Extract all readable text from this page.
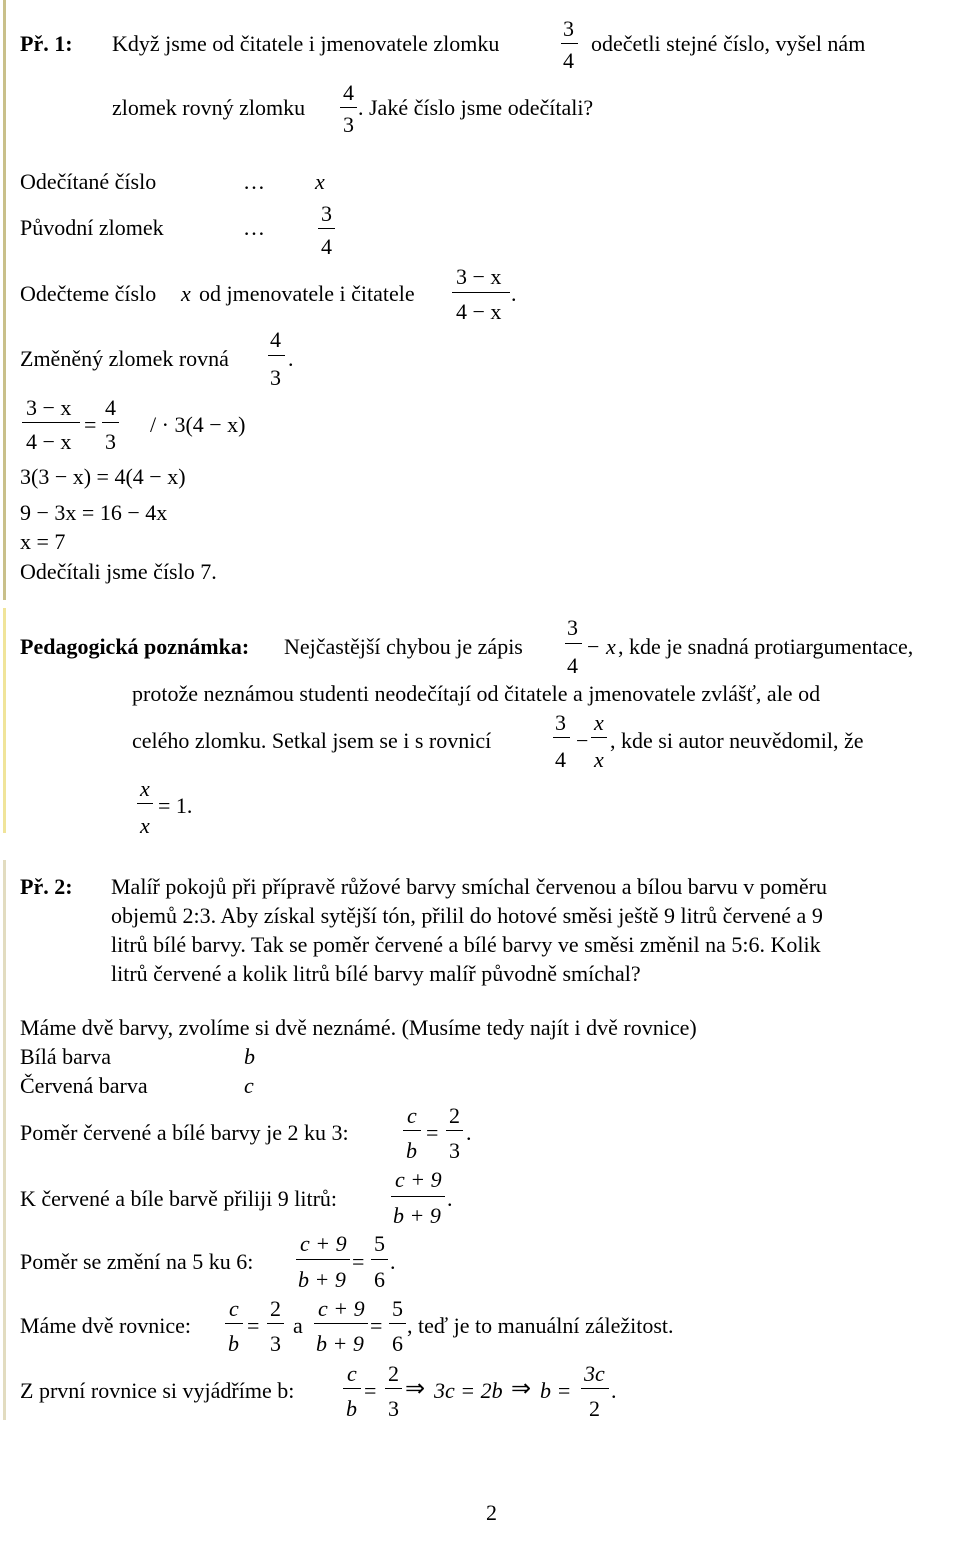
Př. 1: Když jsme od čitatele i jmenovatele zlomku
3
4
odečetli stejné číslo, vyšel nám
zlomek rovný zlomku
4
3
. Jaké číslo jsme odečítali?
Odečítané číslo	… x
Původní zlomek	…
3
4
Odečteme číslo x od jmenovatele i čitatele
3 − x
4 − x
.
Změněný zlomek rovná
4
3
.
3 − x
4 − x
=
4
3
/ · 3(4 − x)
3(3 − x) = 4(4 − x)
9 − 3x = 16 − 4x
x = 7
Odečítali jsme číslo 7.
Pedagogická poznámka: Nejčastější chybou je zápis
3
4
− x , kde je snadná protiargumentace,
protože neznámou studenti neodečítají od čitatele a jmenovatele zvlášť, ale od
celého zlomku. Setkal jsem se i s rovnicí
3
4
−
x
x
, kde si autor neuvědomil, že
x
x
= 1.
Př. 2: Malíř pokojů při přípravě růžové barvy smíchal červenou a bílou barvu v poměru
objemů 2:3. Aby získal sytější tón, přilil do hotové směsi ještě 9 litrů červené a 9
litrů bílé barvy. Tak se poměr červené a bílé barvy ve směsi změnil na 5:6. Kolik
litrů červené a kolik litrů bílé barvy malíř původně smíchal?
Máme dvě barvy, zvolíme si dvě neznámé. (Musíme tedy najít i dvě rovnice)
Bílá barva	b
Červená barva	c
Poměr červené a bílé barvy je 2 ku 3:
c
b
=
2
3
.
K červené a bíle barvě přiliji 9 litrů:
c + 9
b + 9
.
Poměr se změní na 5 ku 6:
c + 9
b + 9
=
5
6
.
Máme dvě rovnice:
c
b
=
2
3
a
c + 9
b + 9
=
5
6
, teď je to manuální záležitost.
Z první rovnice si vyjádříme b:
c
b
=
2
3
⇒ 3c = 2b ⇒ b =
3c
2
.
2
